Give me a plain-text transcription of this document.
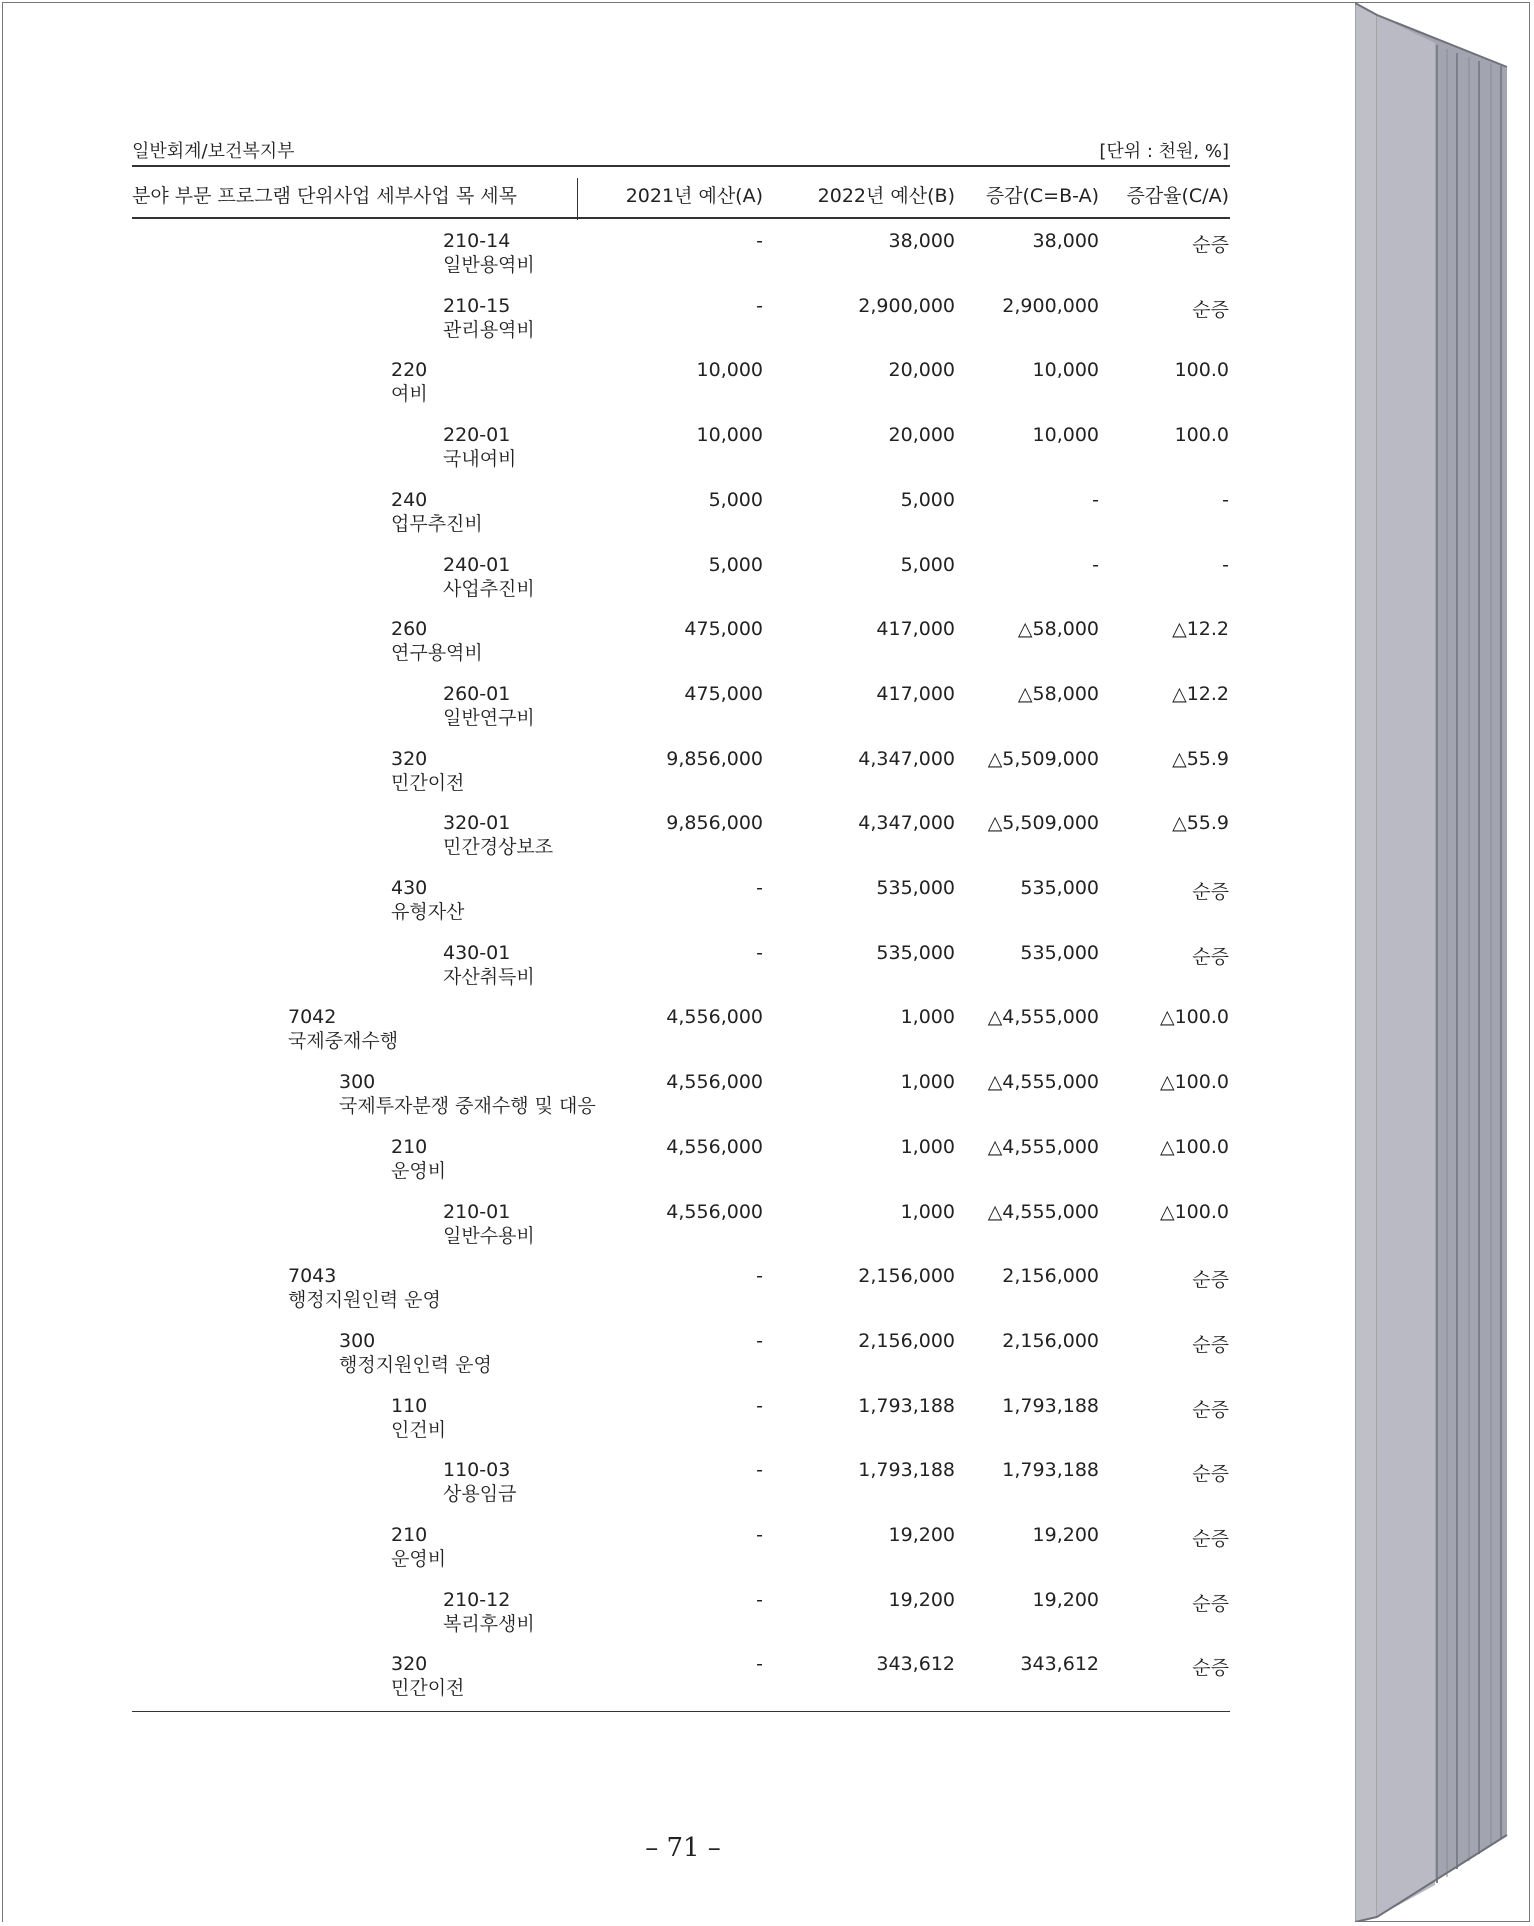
일반회계/보건복지부	[단위 : 천원, %]
분야 부문 프로그램 단위사업 세부사업 목 세목	2021년 예산(A)	2022년 예산(B)	증감(C=B-A)	증감율(C/A)
210-14
일반용역비
-	38,000	38,000	순증
210-15
관리용역비
-	2,900,000	2,900,000	순증
220
여비
10,000	20,000	10,000	100.0
220-01
국내여비
10,000	20,000	10,000	100.0
240
업무추진비
5,000	5,000	-	-
240-01
사업추진비
5,000	5,000	-	-
260
연구용역비
475,000	417,000	△58,000	△12.2
260-01
일반연구비
475,000	417,000	△58,000	△12.2
320
민간이전
9,856,000	4,347,000	△5,509,000	△55.9
320-01
민간경상보조
9,856,000	4,347,000	△5,509,000	△55.9
430
유형자산
-	535,000	535,000	순증
430-01
자산취득비
-	535,000	535,000	순증
7042
국제중재수행
4,556,000	1,000	△4,555,000	△100.0
300
국제투자분쟁 중재수행 및 대응
4,556,000	1,000	△4,555,000	△100.0
210
운영비
4,556,000	1,000	△4,555,000	△100.0
210-01
일반수용비
4,556,000	1,000	△4,555,000	△100.0
7043
행정지원인력 운영
-	2,156,000	2,156,000	순증
300
행정지원인력 운영
-	2,156,000	2,156,000	순증
110
인건비
-	1,793,188	1,793,188	순증
110-03
상용임금
-	1,793,188	1,793,188	순증
210
운영비
-	19,200	19,200	순증
210-12
복리후생비
-	19,200	19,200	순증
320
민간이전
-	343,612	343,612	순증
– 71 –
